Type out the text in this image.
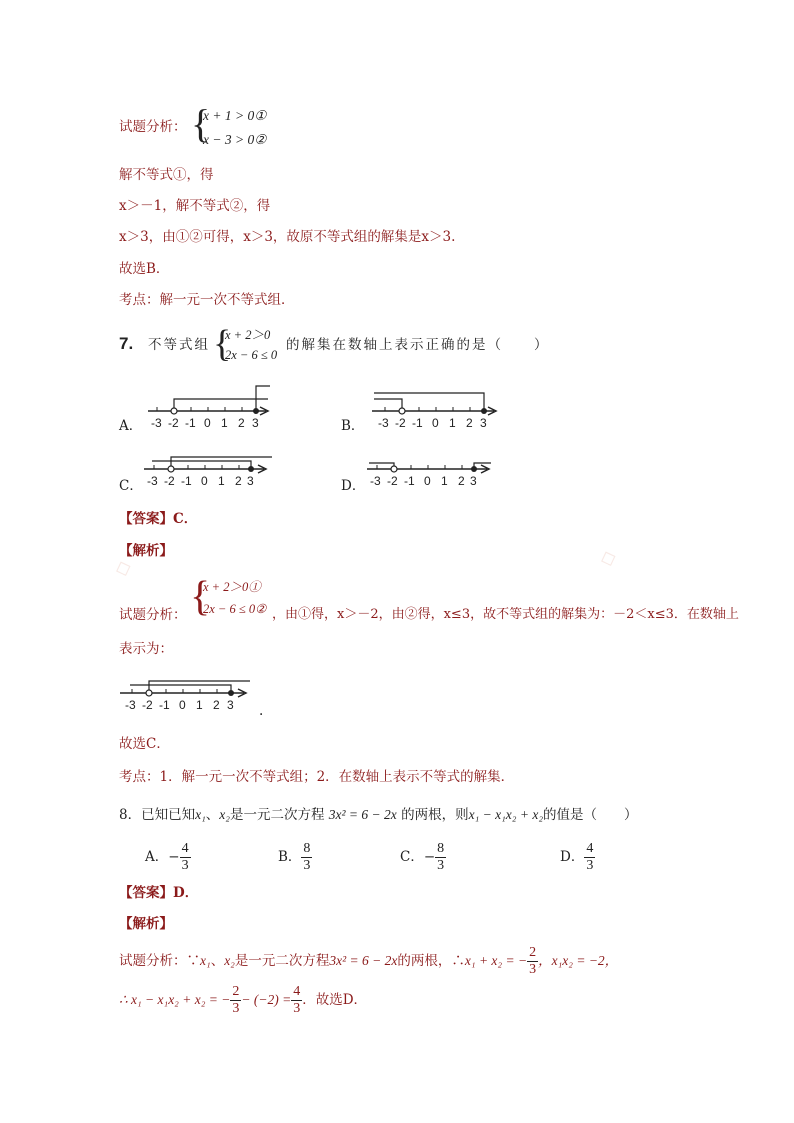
◇	◇
试题分析： {
x + 1 > 0①
x − 3 > 0②
解不等式①，得
x＞－1，解不等式②，得
x＞3，由①②可得，x＞3，故原不等式组的解集是x＞3.
故选B．
考点：解一元一次不等式组．
7. 不等式组 {
x + 2＞0
2x − 6 ≤ 0
的解集在数轴上表示正确的是（　　）
A．	B．
C．	D．
-3 -2 -1 0 1 2 3	-3 -2 -1 0 1 2 3
-3 -2 -1 0 1 2 3	-3 -2 -1 0 1 2 3
【答案】C．
【解析】
试题分析： {
x + 2＞0①
2x − 6 ≤ 0② ，由①得，x＞－2，由②得，x≤3，故不等式组的解集为：－2＜x≤3．在数轴上
表示为：
-3 -2 -1 0 1 2 3 .
故选C．
考点：1．解一元一次不等式组；2．在数轴上表示不等式的解集．
8．已知已知x₁、x₂是一元二次方程 3x² = 6 − 2x 的两根，则x₁ − x₁x₂ + x₂的值是（　　）
A． − $\frac{4}{3}$	B． $\frac{8}{3}$	C． − $\frac{8}{3}$	D． $\frac{4}{3}$
【答案】D．
【解析】
试题分析：∵ x₁ 、 x₂ 是一元二次方程 3x² = 6 − 2x 的两根，∴ x₁ + x₂ = − $\frac{2}{3}$ ，x₁x₂ = −2，
∴ x₁ − x₁x₂ + x₂ = − $\frac{2}{3} - (-2) = \frac{4}{3}$ ．故选D．
